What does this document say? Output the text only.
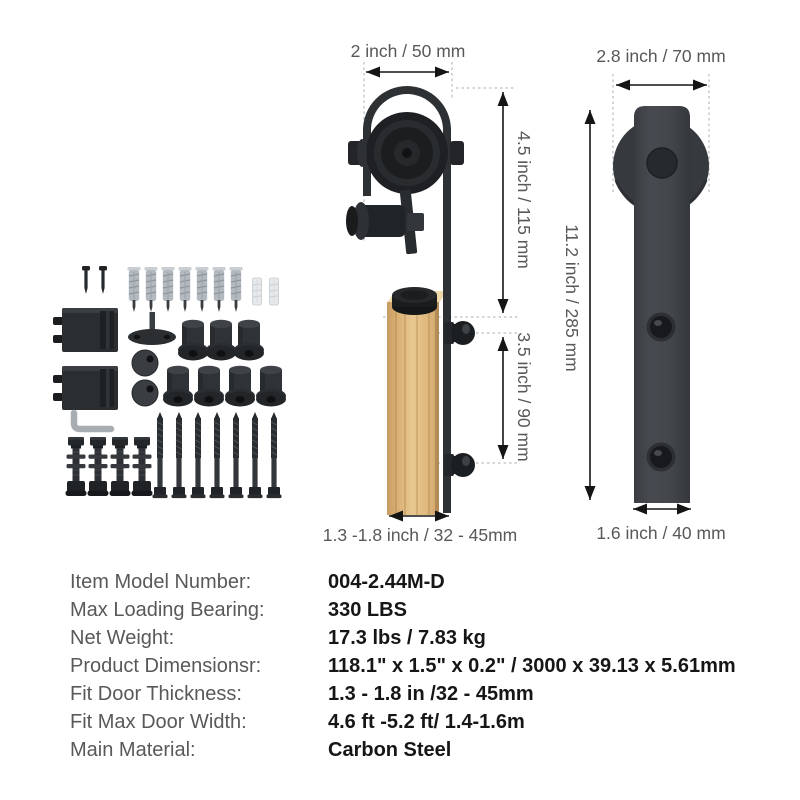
2 inch / 50 mm
4.5 inch / 115 mm
3.5 inch / 90 mm
1.3 -1.8 inch / 32 - 45mm
2.8 inch / 70 mm
11.2 inch / 285 mm
1.6 inch / 40 mm
Item Model Number:	004-2.44M-D
Max Loading Bearing:	330 LBS
Net Weight:	17.3 lbs / 7.83 kg
Product Dimensionsr:	118.1" x 1.5" x 0.2" / 3000 x 39.13 x 5.61mm
Fit Door Thickness:	1.3 - 1.8 in /32 - 45mm
Fit Max Door Width:	4.6 ft -5.2 ft/ 1.4-1.6m
Main Material:	Carbon Steel
